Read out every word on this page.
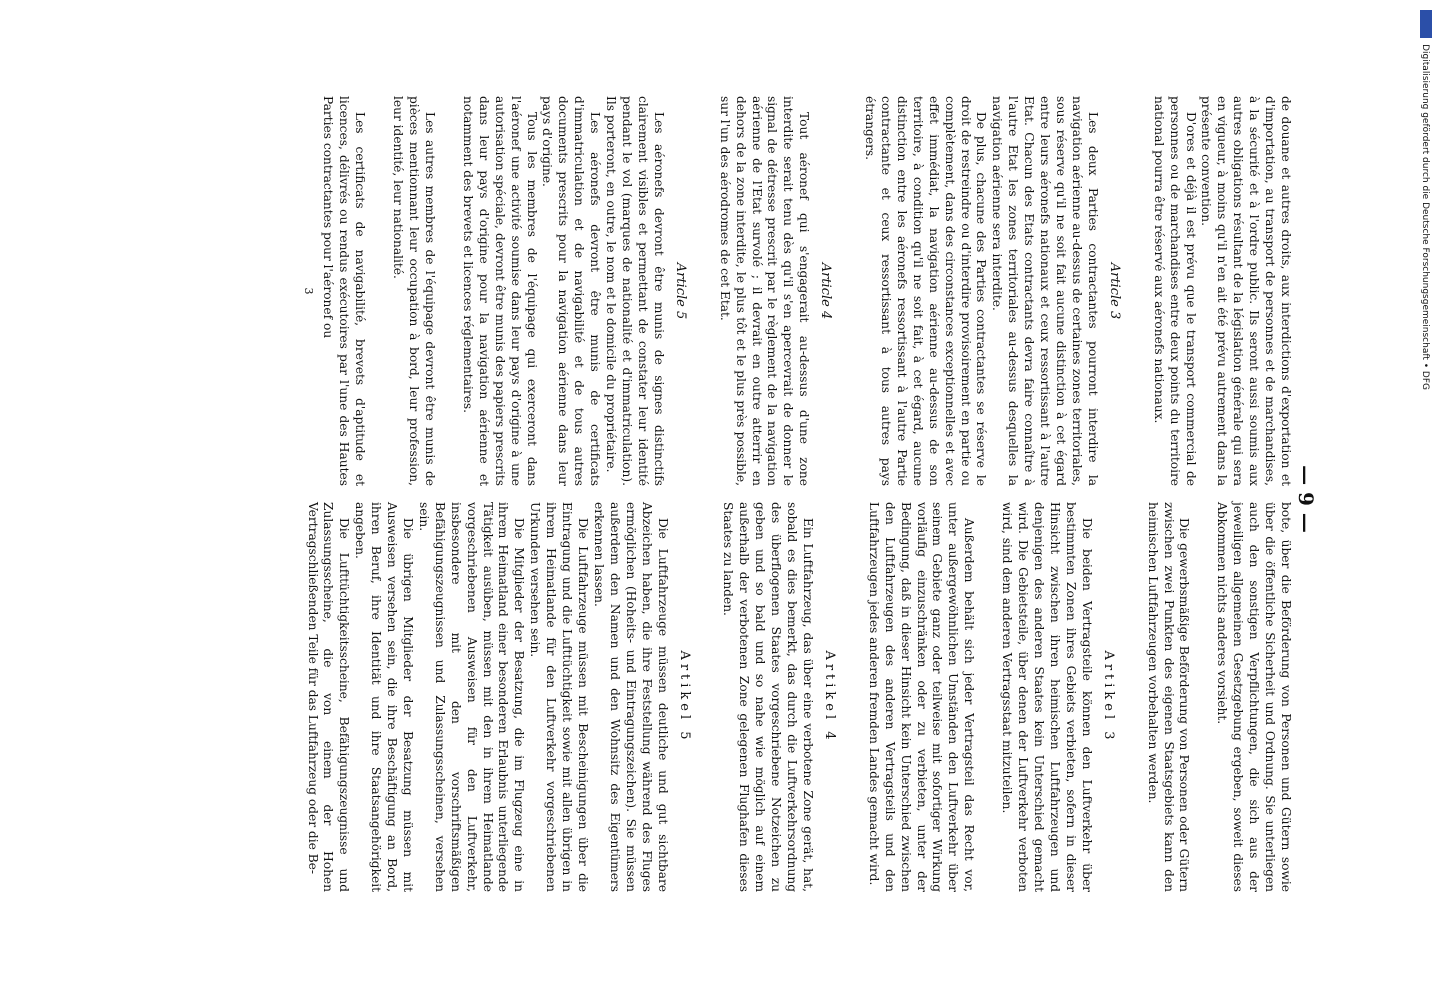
— 9 —

de douane et autres droits, aux interdictions d'exportation et d'importation, au transport de personnes et de marchandises, à la sécurité et à l'ordre public. Ils seront aussi soumis aux autres obligations résultant de la législation générale qui sera en vigueur, à moins qu'il n'en ait été prévu autrement dans la présente convention.

D'ores et déjà il est prévu que le transport commercial de personnes ou de marchandises entre deux points du territoire national pourra être réservé aux aéronefs nationaux.

Article 3

Les deux Parties contractantes pourront interdire la navigation aérienne au-dessus de certaines zones territoriales, sous réserve qu'il ne soit fait aucune distinction à cet égard entre leurs aéronefs nationaux et ceux ressortissant à l'autre Etat. Chacun des Etats contractants devra faire connaître à l'autre Etat les zones territoriales au-dessus desquelles la navigation aérienne sera interdite.

De plus, chacune des Parties contractantes se réserve le droit de restreindre ou d'interdire provisoirement en partie ou complètement, dans des circonstances exceptionnelles et avec effet immédiat, la navigation aérienne au-dessus de son territoire, à condition qu'il ne soit fait, à cet égard, aucune distinction entre les aéronefs ressortissant à l'autre Partie contractante et ceux ressortissant à tous autres pays étrangers.

Article 4

Tout aéronef qui s'engagerait au-dessus d'une zone interdite serait tenu dès qu'il s'en apercevrait de donner le signal de détresse prescrit par le règlement de la navigation aérienne de l'Etat survolé ; il devrait en outre atterrir en dehors de la zone interdite, le plus tôt et le plus près possible, sur l'un des aérodromes de cet Etat.

Article 5

Les aéronefs devront être munis de signes distinctifs clairement visibles et permettant de constater leur identité pendant le vol (marques de nationalité et d'immatriculation). Ils porteront, en outre, le nom et le domicile du propriétaire.

Les aéronefs devront être munis de certificats d'immatriculation et de navigabilité et de tous autres documents prescrits pour la navigation aérienne dans leur pays d'origine.

Tous les membres de l'équipage qui exerceront dans l'aéronef une activité soumise dans leur pays d'origine à une autorisation spéciale, devront être munis des papiers prescrits dans leur pays d'origine pour la navigation aérienne et notamment des brevets et licences réglementaires.

Les autres membres de l'équipage devront être munis de pièces mentionnant leur occupation à bord, leur profession, leur identité, leur nationalité.

Les certificats de navigabilité, brevets d'aptitude et licences, délivrés ou rendus exécutoires par l'une des Hautes Parties contractantes pour l'aéronef ou

3

bote, über die Beförderung von Personen und Gütern sowie über die öffentliche Sicherheit und Ordnung. Sie unterliegen auch den sonstigen Verpflichtungen, die sich aus der jeweiligen allgemeinen Gesetzgebung ergeben, soweit dieses Abkommen nichts anderes vorsieht.

Die gewerbsmäßige Beförderung von Personen oder Gütern zwischen zwei Punkten des eigenen Staatsgebiets kann den heimischen Luftfahrzeugen vorbehalten werden.

Artikel 3

Die beiden Vertragsteile können den Luftverkehr über bestimmten Zonen ihres Gebiets verbieten, sofern in dieser Hinsicht zwischen ihren heimischen Luftfahrzeugen und denjenigen des anderen Staates kein Unterschied gemacht wird. Die Gebietsteile, über denen der Luftverkehr verboten wird, sind dem anderen Vertragsstaat mitzuteilen.

Außerdem behält sich jeder Vertragsteil das Recht vor, unter außergewöhnlichen Umständen den Luftverkehr über seinem Gebiete ganz oder teilweise mit sofortiger Wirkung vorläufig einzuschränken oder zu verbieten, unter der Bedingung, daß in dieser Hinsicht kein Unterschied zwischen den Luftfahrzeugen des anderen Vertragsteils und den Luftfahrzeugen jedes anderen fremden Landes gemacht wird.

Artikel 4

Ein Luftfahrzeug, das über eine verbotene Zone gerät, hat, sobald es dies bemerkt, das durch die Luftverkehrsordnung des überflogenen Staates vorgeschriebene Notzeichen zu geben und so bald und so nahe wie möglich auf einem außerhalb der verbotenen Zone gelegenen Flughafen dieses Staates zu landen.

Artikel 5

Die Luftfahrzeuge müssen deutliche und gut sichtbare Abzeichen haben, die ihre Feststellung während des Fluges ermöglichen (Hoheits- und Eintragungszeichen). Sie müssen außerdem den Namen und den Wohnsitz des Eigentümers erkennen lassen.

Die Luftfahrzeuge müssen mit Bescheinigungen über die Eintragung und die Lufttüchtigkeit sowie mit allen übrigen in ihrem Heimatlande für den Luftverkehr vorgeschriebenen Urkunden versehen sein.

Die Mitglieder der Besatzung, die im Flugzeug eine in ihrem Heimatland einer besonderen Erlaubnis unterliegende Tätigkeit ausüben, müssen mit den in ihrem Heimatlande vorgeschriebenen Ausweisen für den Luftverkehr, insbesondere mit den vorschriftsmäßigen Befähigungszeugnissen und Zulassungsscheinen, versehen sein.

Die übrigen Mitglieder der Besatzung müssen mit Ausweisen versehen sein, die ihre Beschäftigung an Bord, ihren Beruf, ihre Identität und ihre Staatsangehörigkeit angeben.

Die Lufttüchtigkeitsscheine, Befähigungszeugnisse und Zulassungsscheine, die von einem der Hohen Vertragschließenden Teile für das Luftfahrzeug oder die Be-

Digitalisierung gefördert durch die Deutsche Forschungsgemeinschaft • DFG
